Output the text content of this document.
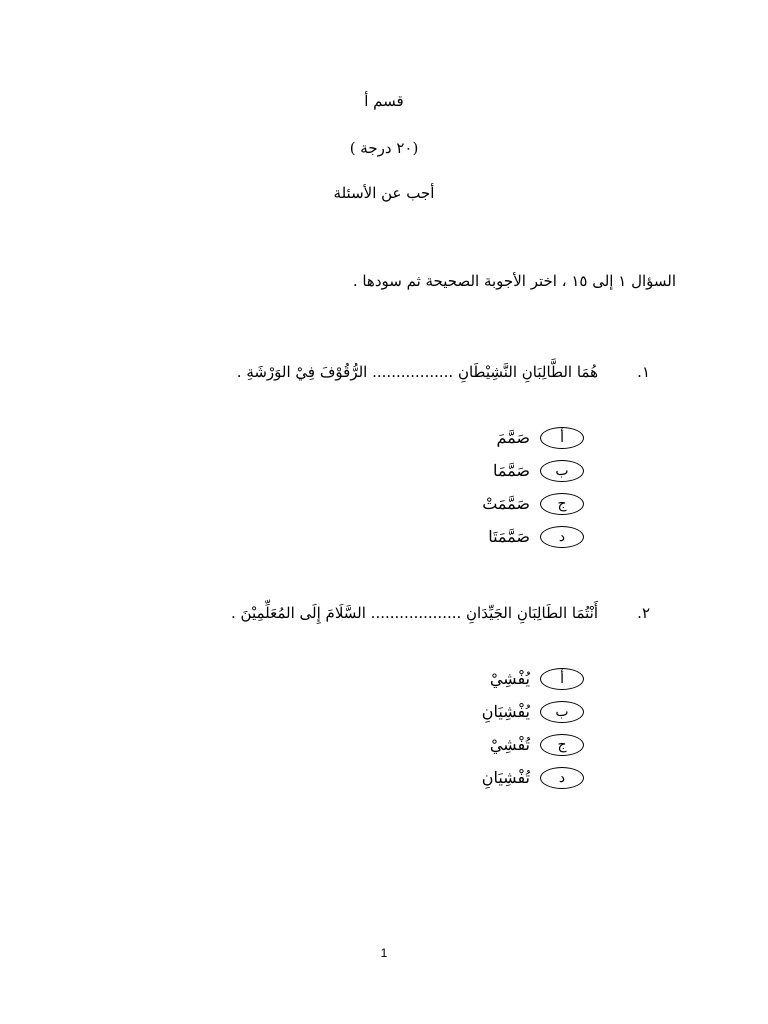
قسم أ
(٢٠ درجة )
أجب عن الأسئلة
السؤال ١ إلى ١٥ ، اختر الأجوبة الصحيحة ثم سودها .
١.
هُمَا الطَّالِبَانِ النَّشِيْطَانِ ................. الرُّقُوْفَ فِيْ الوَرْشَةِ .
أ
صَمَّمَ
ب
صَمَّمَا
ج
صَمَّمَتْ
د
صَمَّمَتَا
٢.
أَنْتُمَا الطَالِبَانِ الجَيِّدَانِ ................... السَّلَامَ إِلَى المُعَلِّمِيْنَ .
أ
يُفْشِيْ
ب
يُفْشِيَانِ
ج
تُفْشِيْ
د
تُفْشِيَانِ
1
